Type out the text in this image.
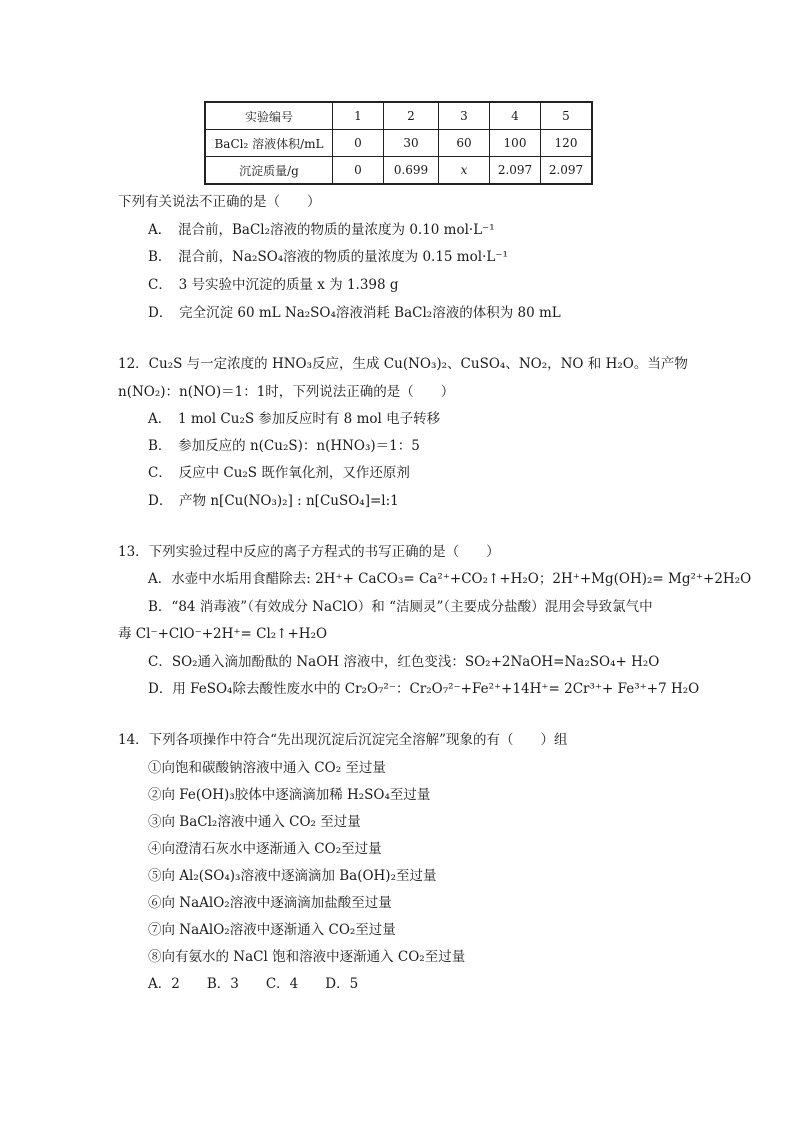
实验编号	1	2	3	4	5
BaCl₂ 溶液体积/mL	0	30	60	100	120
沉淀质量/g	0	0.699	x	2.097	2.097
下列有关说法不正确的是（　　）
A．　混合前，BaCl₂溶液的物质的量浓度为 0.10 mol·L⁻¹
B．　混合前，Na₂SO₄溶液的物质的量浓度为 0.15 mol·L⁻¹
C．　3 号实验中沉淀的质量 x 为 1.398 g
D．　完全沉淀 60 mL Na₂SO₄溶液消耗 BaCl₂溶液的体积为 80 mL
12．Cu₂S 与一定浓度的 HNO₃反应，生成 Cu(NO₃)₂、CuSO₄、NO₂，NO 和 H₂O。当产物
n(NO₂)：n(NO)＝1：1时，下列说法正确的是（　　）
A．　1 mol Cu₂S 参加反应时有 8 mol 电子转移
B．　参加反应的 n(Cu₂S)：n(HNO₃)＝1：5
C．　反应中 Cu₂S 既作氧化剂，又作还原剂
D．　产物 n[Cu(NO₃)₂] : n[CuSO₄]=l:1
13．下列实验过程中反应的离子方程式的书写正确的是（　　）
A．水壶中水垢用食醋除去: 2H⁺+ CaCO₃= Ca²⁺+CO₂↑+H₂O；2H⁺+Mg(OH)₂= Mg²⁺+2H₂O
B．“84 消毒液”（有效成分 NaClO）和 “洁厕灵”（主要成分盐酸）混用会导致氯气中
毒 Cl⁻+ClO⁻+2H⁺= Cl₂↑+H₂O
C．SO₂通入滴加酚酞的 NaOH 溶液中，红色变浅：SO₂+2NaOH=Na₂SO₄+ H₂O
D．用 FeSO₄除去酸性废水中的 Cr₂O₇²⁻：Cr₂O₇²⁻+Fe²⁺+14H⁺= 2Cr³⁺+ Fe³⁺+7 H₂O
14．下列各项操作中符合“先出现沉淀后沉淀完全溶解”现象的有（　　）组
①向饱和碳酸钠溶液中通入 CO₂ 至过量
②向 Fe(OH)₃胶体中逐滴滴加稀 H₂SO₄至过量
③向 BaCl₂溶液中通入 CO₂ 至过量
④向澄清石灰水中逐渐通入 CO₂至过量
⑤向 Al₂(SO₄)₃溶液中逐滴滴加 Ba(OH)₂至过量
⑥向 NaAlO₂溶液中逐滴滴加盐酸至过量
⑦向 NaAlO₂溶液中逐渐通入 CO₂至过量
⑧向有氨水的 NaCl 饱和溶液中逐渐通入 CO₂至过量
A．2　　B．3　　C．4　　D．5
